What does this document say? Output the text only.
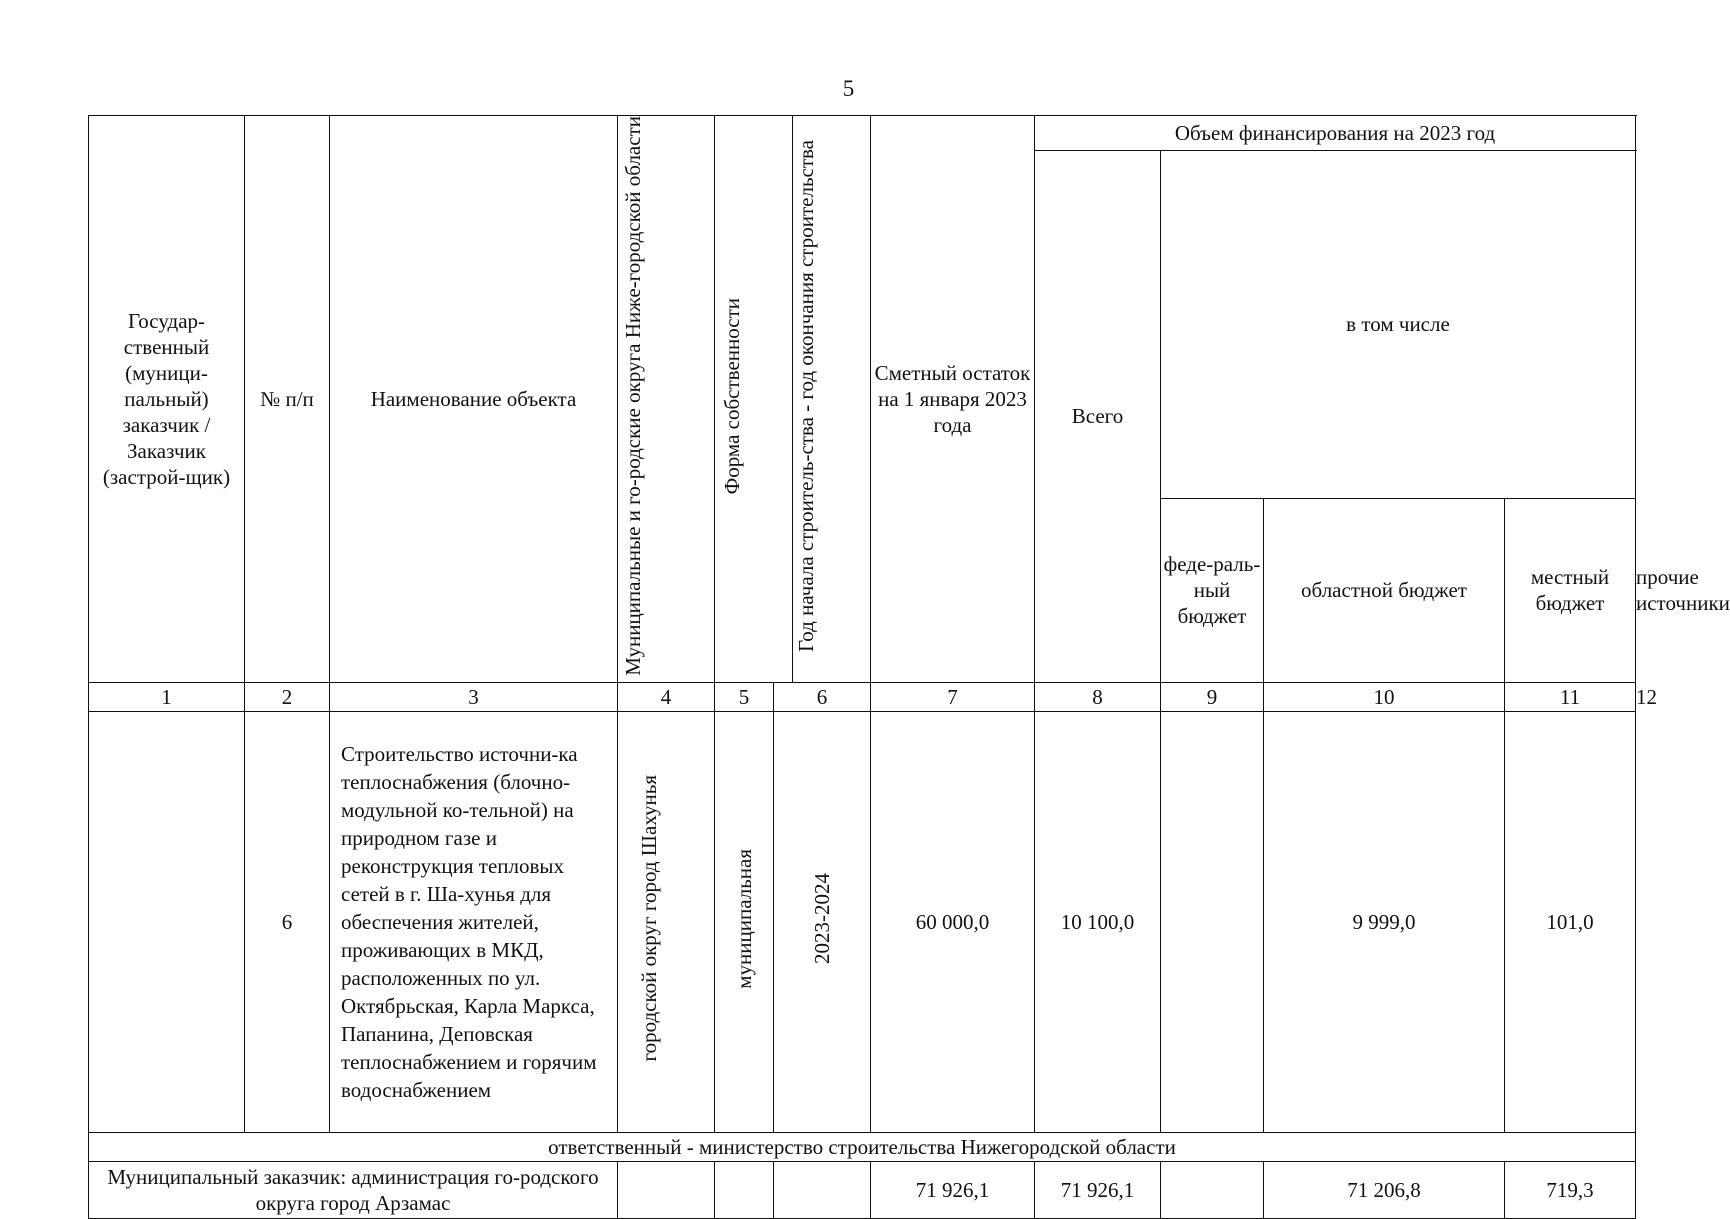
5
Государ-ственный (муници-пальный) заказчик / Заказчик (застрой-щик)	№ п/п	Наименование объекта	Муниципальные и го-родские округа Ниже-городской области	Форма собственности		Год начала строитель-ства - год окончания строительства	Сметный остаток на 1 января 2023 года	Объем финансирования на 2023 год				
								Всего	в том числе			
									феде-раль-ный бюджет	областной бюджет	местный бюджет	прочие источники
1	2	3	4	5	6		7	8	9	10	11	12
	6	Строительство источни-ка теплоснабжения (блочно-модульной ко-тельной) на природном газе и реконструкция тепловых сетей в г. Ша-хунья для обеспечения жителей, проживающих в МКД, расположенных по ул. Октябрьская, Карла Маркса, Папанина, Деповская теплоснабжением и горячим водоснабжением	городской округ город Шахунья	муниципальная	2023-2024		60 000,0	10 100,0		9 999,0	101,0	
ответственный - министерство строительства Нижегородской области												
Муниципальный заказчик: администрация го-родского округа город Арзамас							71 926,1	71 926,1		71 206,8	719,3	
